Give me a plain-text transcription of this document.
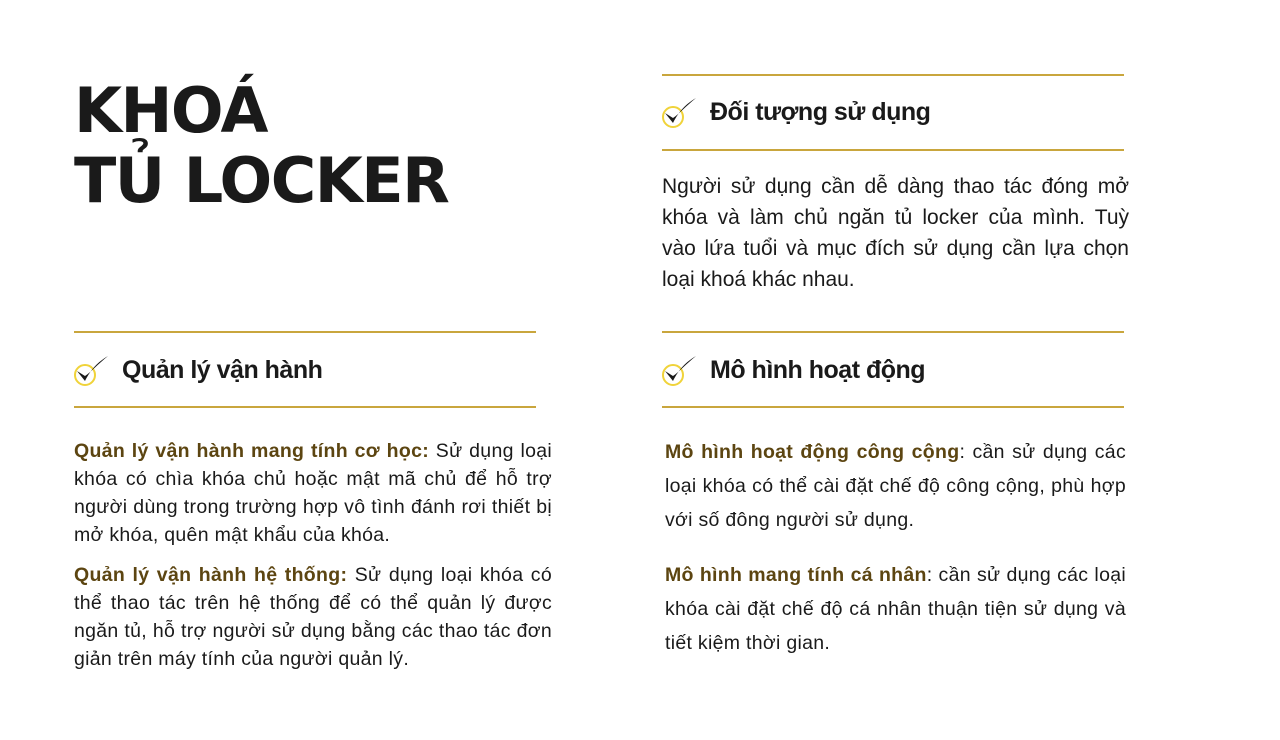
KHOÁ
TỦ LOCKER
Đối tượng sử dụng

Người sử dụng cần dễ dàng thao tác đóng mở khóa và làm chủ ngăn tủ locker của mình. Tuỳ vào lứa tuổi và mục đích sử dụng cần lựa chọn loại khoá khác nhau.

Quản lý vận hành

Quản lý vận hành mang tính cơ học: Sử dụng loại khóa có chìa khóa chủ hoặc mật mã chủ để hỗ trợ người dùng trong trường hợp vô tình đánh rơi thiết bị mở khóa, quên mật khẩu của khóa.

Quản lý vận hành hệ thống: Sử dụng loại khóa có thể thao tác trên hệ thống để có thể quản lý được ngăn tủ, hỗ trợ người sử dụng bằng các thao tác đơn giản trên máy tính của người quản lý.

Mô hình hoạt động

Mô hình hoạt động công cộng: cần sử dụng các loại khóa có thể cài đặt chế độ công cộng, phù hợp với số đông người sử dụng.

Mô hình mang tính cá nhân: cần sử dụng các loại khóa cài đặt chế độ cá nhân thuận tiện sử dụng và tiết kiệm thời gian.
